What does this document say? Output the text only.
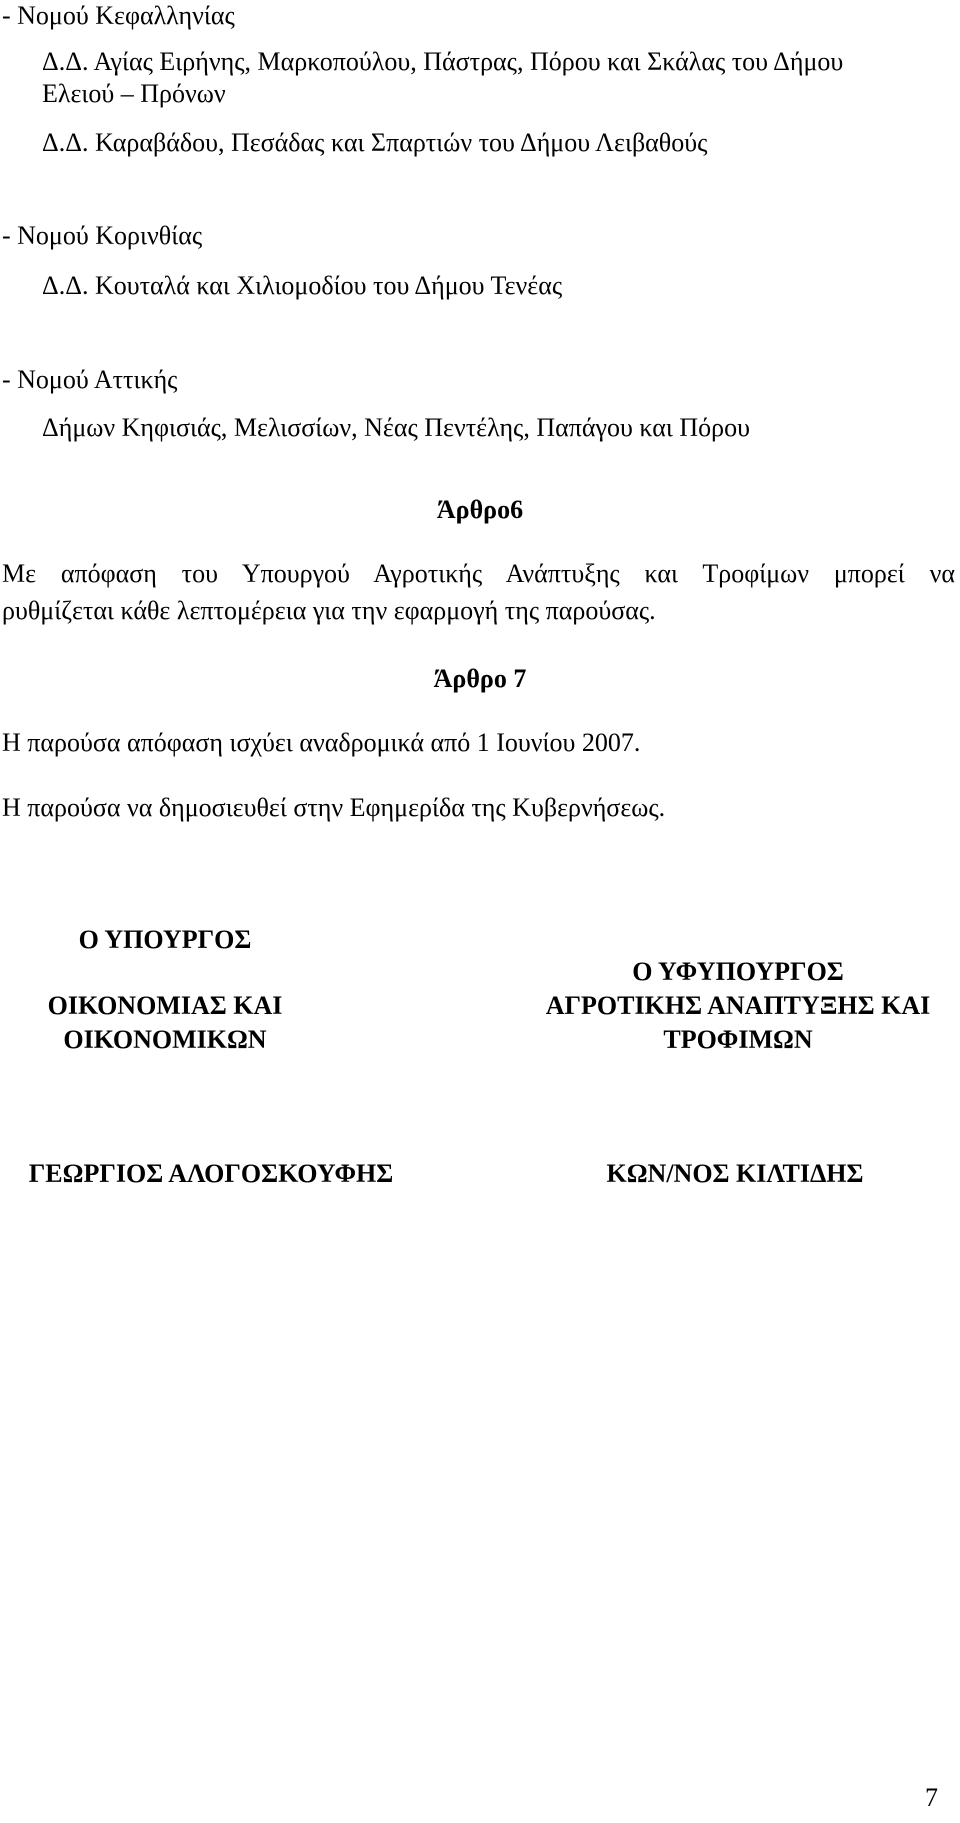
- Νομού Κεφαλληνίας
Δ.Δ. Αγίας Ειρήνης, Μαρκοπούλου, Πάστρας, Πόρου και Σκάλας του Δήμου
Ελειού – Πρόνων
Δ.Δ. Καραβάδου, Πεσάδας και Σπαρτιών του Δήμου Λειβαθούς
- Νομού Κορινθίας
Δ.Δ. Κουταλά και Χιλιομοδίου του Δήμου Τενέας
- Νομού Αττικής
Δήμων Κηφισιάς, Μελισσίων, Νέας Πεντέλης, Παπάγου και Πόρου
Άρθρο6
Με απόφαση του Υπουργού Αγροτικής Ανάπτυξης και Τροφίμων μπορεί να
ρυθμίζεται κάθε λεπτομέρεια για την εφαρμογή της παρούσας.
Άρθρο 7
Η παρούσα απόφαση ισχύει αναδρομικά από 1 Ιουνίου 2007.
Η παρούσα να δημοσιευθεί στην Εφημερίδα της Κυβερνήσεως.
Ο ΥΠΟΥΡΓΟΣ
ΟΙΚΟΝΟΜΙΑΣ ΚΑΙ
ΟΙΚΟΝΟΜΙΚΩΝ
Ο ΥΦΥΠΟΥΡΓΟΣ
ΑΓΡΟΤΙΚΗΣ ΑΝΑΠΤΥΞΗΣ ΚΑΙ
ΤΡΟΦΙΜΩΝ
ΓΕΩΡΓΙΟΣ ΑΛΟΓΟΣΚΟΥΦΗΣ	ΚΩΝ/ΝΟΣ ΚΙΛΤΙΔΗΣ
7
